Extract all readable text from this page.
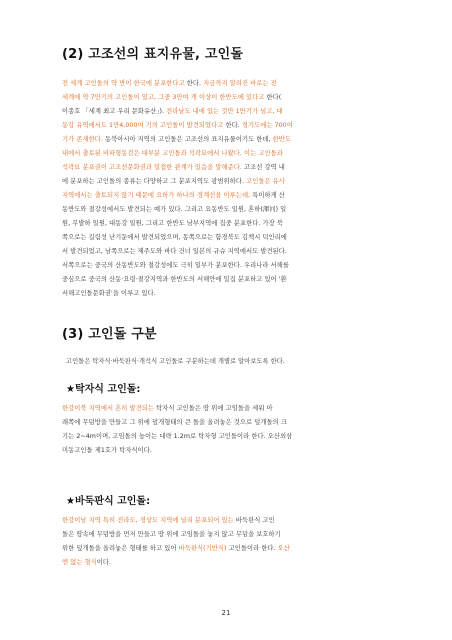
(2) 고조선의 표지유물, 고인돌
전 세계 고인돌의 약 반이 한국에 분포한다고 한다. 지금까지 알려진 바로는 전
세계에 약 7만기의 고인돌이 있고, 그중 3만여 개 이상이 한반도에 있다고 한다(
이종호 「세계 최고 우리 문화유산」). 전라남도 내에 있는 것만 1만기가 넘고, 대
동강 유역에서도 1만4,000여 기의 고인돌이 발견되었다고 한다. 경기도에는 700여
기가 존재한다. 동북아시아 지역의 고인돌은 고조선의 표지유물이기도 한데, 한반도
내에서 출토된 비파형동검은 대부분 고인돌과 석곽묘에서 나왔다. 이는 고인돌과
석곽묘 분포권이 고조선문화권과 밀접한 관계가 있음을 말해준다. 고조선 강역 내
에 분포하는 고인돌의 종류는 다양하고 그 분포지역도 광범위하다. 고인돌은 유사
지역에서는 출토되지 않기 때문에 요하가 하나의 경계선을 이루는데, 특이하게 산
동반도와 절강성에서도 발견되는 예가 있다. 그리고 요동반도 일원, 혼하(渾河) 일
원, 무발하 일원, 대동강 일원, 그리고 한반도 남부지역에 집중 분포한다. 가장 북
쪽으로는 길림성 난기둔에서 발견되었으며, 동쪽으로는 함경북도 김책시 덕인리에
서 발견되었고, 남쪽으로는 제주도와 바다 건너 일본의 규슈 지역에서도 발견된다.
서쪽으로는 중국의 산동반도와 절강성에도 극히 일부가 분포한다. 우리나라 서해를
중심으로 중국의 산동·요령·절강지역과 한반도의 서해안에 밀집 분포하고 있어 '환
서해고인돌문화권'을 이루고 있다.
(3) 고인돌 구분
고인돌은 탁자식·바둑판식·개석식 고인돌로 구분하는데 개별로 알아보도록 한다.
★탁자식 고인돌:
한강이북 지역에서 흔히 발견되는 탁자식 고인돌은 땅 위에 고임돌을 세워 아
래쪽에 무덤방을 만들고 그 위에 덮개형태의 큰 돌을 올려놓은 것으로 덮개돌의 크
기는 2~4m이며, 고임돌의 높이는 대략 1.2m로 탁자형 고인돌이라 한다. 오산외삼
미동고인돌 제1호가 탁자식이다.
★바둑판식 고인돌:
한강이남 지역 특히 전라도, 경상도 지역에 널리 분포되어 있는 바둑판식 고인
돌은 땅속에 무덤방을 먼저 만들고 땅 위에 고임돌을 놓지 않고 무덤을 보호하기
위한 덮개돌을 올려놓은 형태를 하고 있어 바둑판식(기반식) 고인돌이라 한다. 오산
엔 없는 형식이다.
21
